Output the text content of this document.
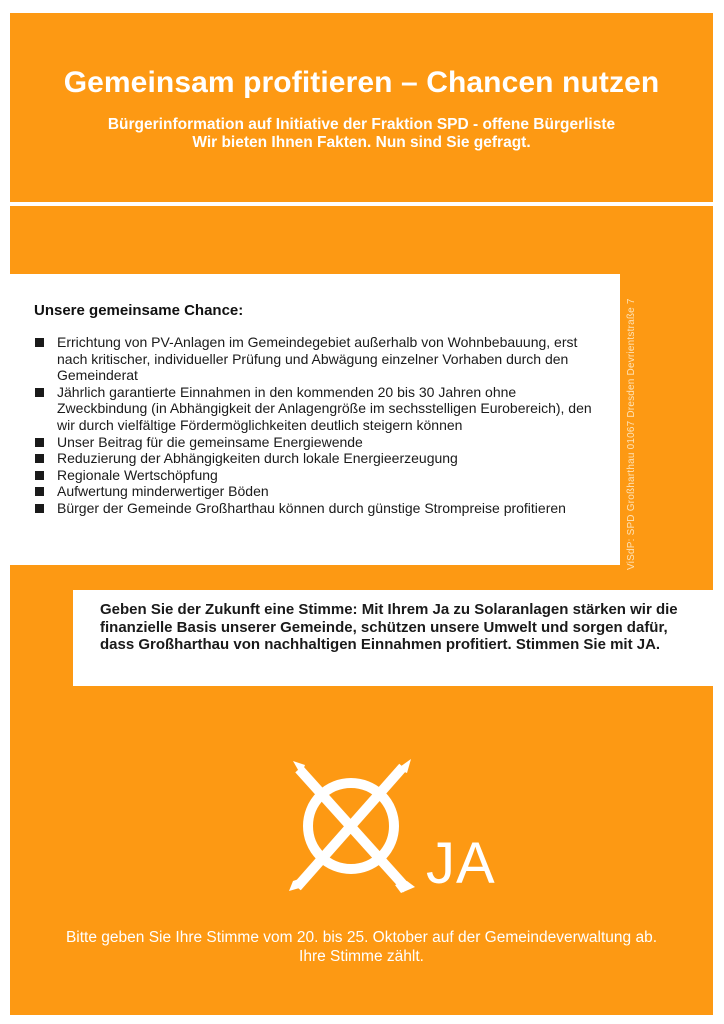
Gemeinsam profitieren – Chancen nutzen
Bürgerinformation auf Initiative der Fraktion SPD - offene Bürgerliste
Wir bieten Ihnen Fakten. Nun sind Sie gefragt.
Unsere gemeinsame Chance:
Errichtung von PV-Anlagen im Gemeindegebiet außerhalb von Wohnbebauung, erst nach kritischer, individueller Prüfung und Abwägung einzelner Vorhaben durch den Gemeinderat
Jährlich garantierte Einnahmen in den kommenden 20 bis 30 Jahren ohne Zweckbindung (in Abhängigkeit der Anlagengröße im sechsstelligen Eurobereich), den wir durch vielfältige Fördermöglichkeiten deutlich steigern können
Unser Beitrag für die gemeinsame Energiewende
Reduzierung der Abhängigkeiten durch lokale Energieerzeugung
Regionale Wertschöpfung
Aufwertung minderwertiger Böden
Bürger der Gemeinde Großharthau können durch günstige Strompreise profitieren	ViSdP: SPD Großharthau 01067 Dresden Devrientstraße 7
Geben Sie der Zukunft eine Stimme: Mit Ihrem Ja zu Solaranlagen stärken wir die finanzielle Basis unserer Gemeinde, schützen unsere Umwelt und sorgen dafür, dass Großharthau von nachhaltigen Einnahmen profitiert. Stimmen Sie mit JA.
JA
Bitte geben Sie Ihre Stimme vom 20. bis 25. Oktober auf der Gemeindeverwaltung ab.
Ihre Stimme zählt.
